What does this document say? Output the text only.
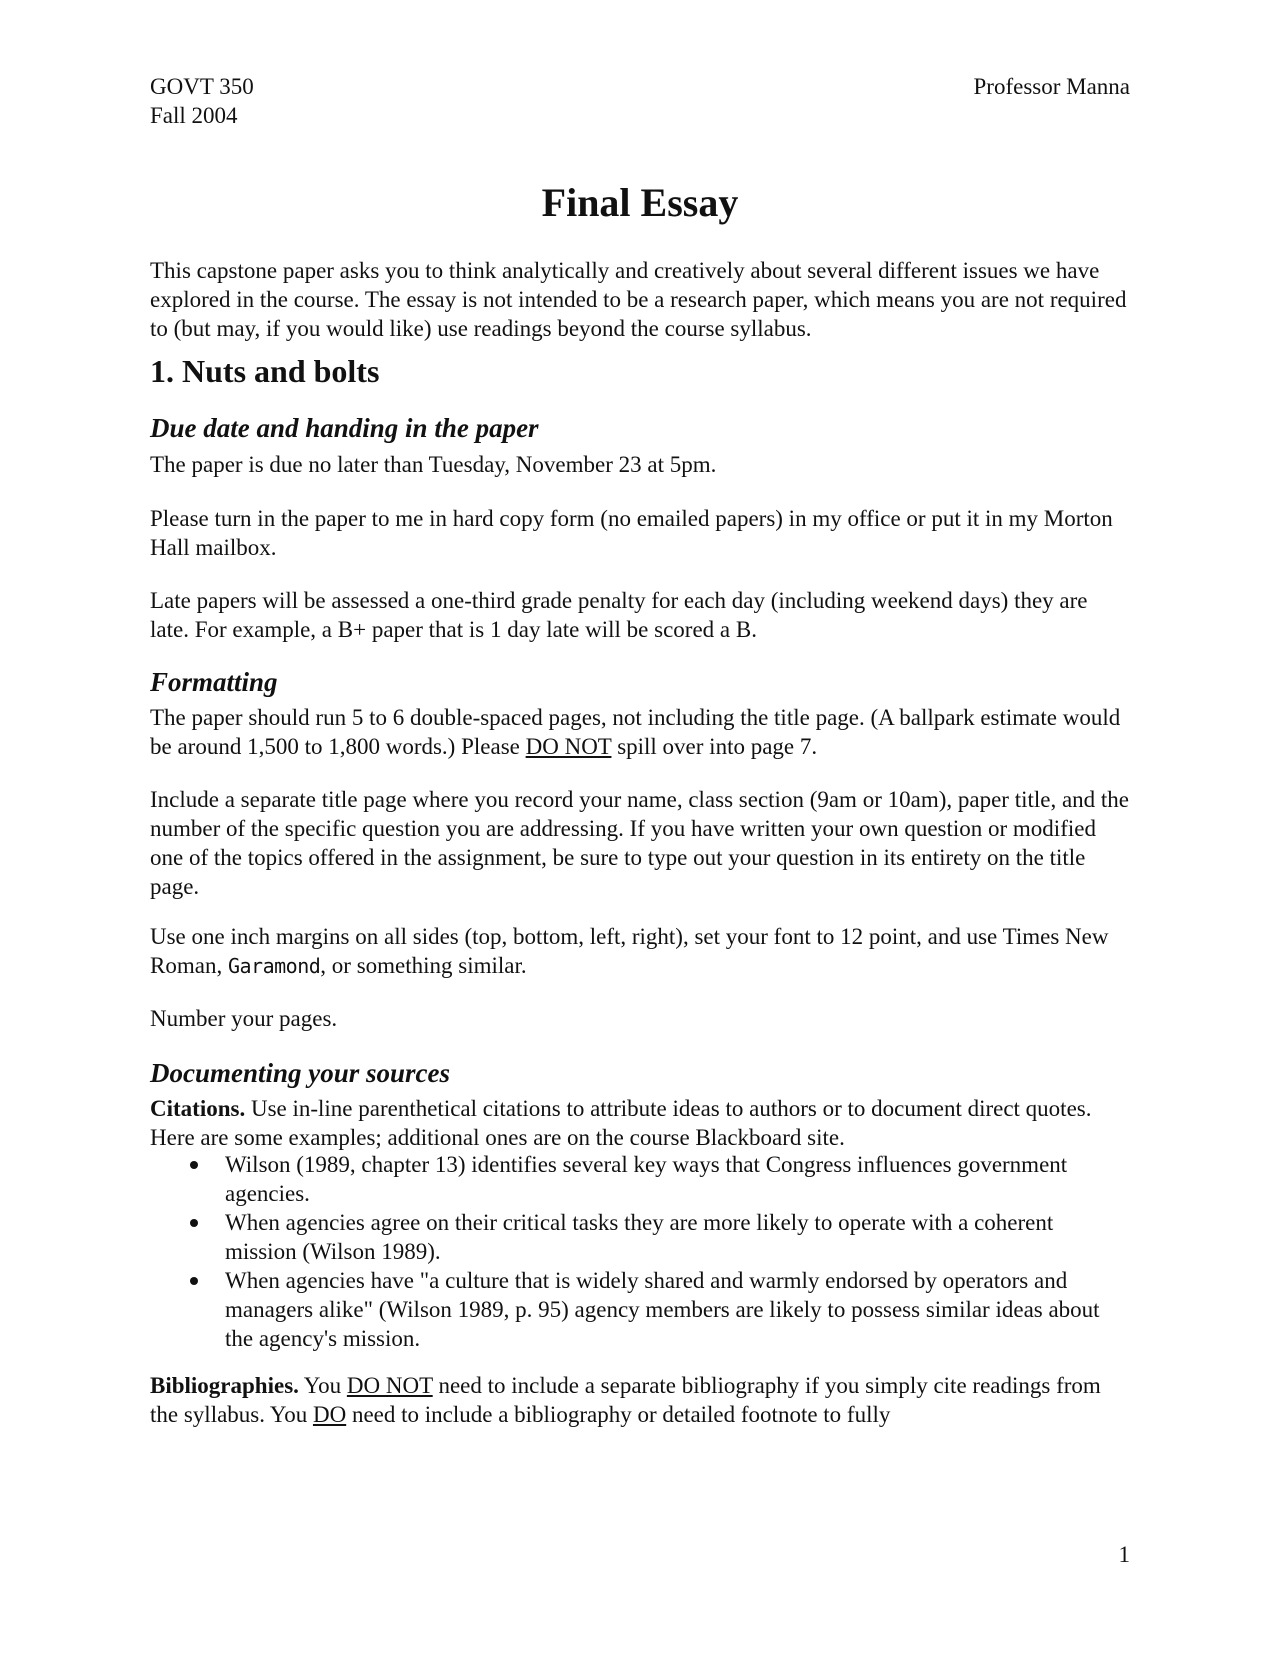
GOVT 350

Fall 2004

Professor Manna

Final Essay

This capstone paper asks you to think analytically and creatively about several different issues we have explored in the course. The essay is not intended to be a research paper, which means you are not required to (but may, if you would like) use readings beyond the course syllabus.

1. Nuts and bolts
Due date and handing in the paper

The paper is due no later than Tuesday, November 23 at 5pm.

Please turn in the paper to me in hard copy form (no emailed papers) in my office or put it in my Morton Hall mailbox.

Late papers will be assessed a one-third grade penalty for each day (including weekend days) they are late. For example, a B+ paper that is 1 day late will be scored a B.

Formatting

The paper should run 5 to 6 double-spaced pages, not including the title page. (A ballpark estimate would be around 1,500 to 1,800 words.) Please DO NOT spill over into page 7.

Include a separate title page where you record your name, class section (9am or 10am), paper title, and the number of the specific question you are addressing. If you have written your own question or modified one of the topics offered in the assignment, be sure to type out your question in its entirety on the title page.

Use one inch margins on all sides (top, bottom, left, right), set your font to 12 point, and use Times New Roman, Garamond, or something similar.

Number your pages.

Documenting your sources

Citations. Use in-line parenthetical citations to attribute ideas to authors or to document direct quotes. Here are some examples; additional ones are on the course Blackboard site.

Wilson (1989, chapter 13) identifies several key ways that Congress influences government agencies.
When agencies agree on their critical tasks they are more likely to operate with a coherent mission (Wilson 1989).
When agencies have "a culture that is widely shared and warmly endorsed by operators and managers alike" (Wilson 1989, p. 95) agency members are likely to possess similar ideas about the agency's mission.

Bibliographies. You DO NOT need to include a separate bibliography if you simply cite readings from the syllabus. You DO need to include a bibliography or detailed footnote to fully

1
